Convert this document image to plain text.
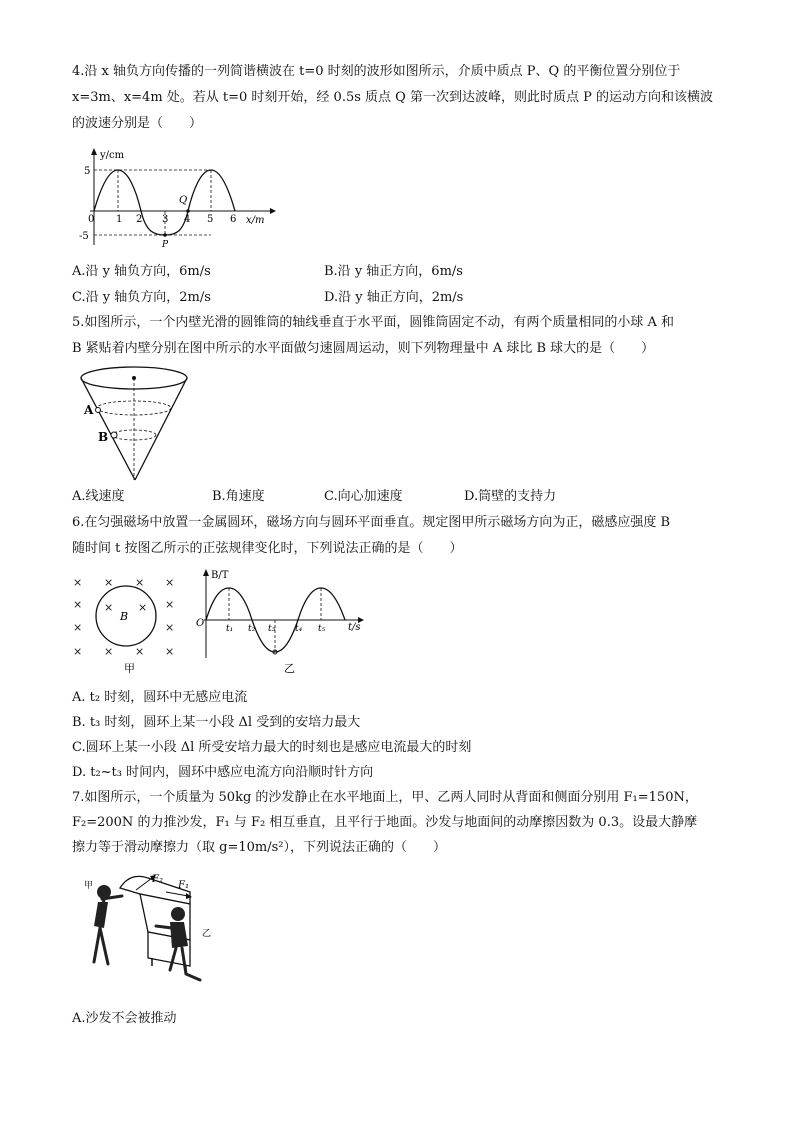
4.沿 x 轴负方向传播的一列简谐横波在 t=0 时刻的波形如图所示，介质中质点 P、Q 的平衡位置分别位于
x=3m、x=4m 处。若从 t=0 时刻开始，经 0.5s 质点 Q 第一次到达波峰，则此时质点 P 的运动方向和该横波
的波速分别是（　　）
y/cm
x/m
5
-5
0 1 2 3 4 5 6
Q
P
A.沿 y 轴负方向，6m/s	B.沿 y 轴正方向，6m/s
C.沿 y 轴负方向，2m/s	D.沿 y 轴正方向，2m/s
5.如图所示，一个内壁光滑的圆锥筒的轴线垂直于水平面，圆锥筒固定不动，有两个质量相同的小球 A 和
B 紧贴着内壁分别在图中所示的水平面做匀速圆周运动，则下列物理量中 A 球比 B 球大的是（　　）
A
B
A.线速度	B.角速度	C.向心加速度	D.筒壁的支持力
6.在匀强磁场中放置一金属圆环，磁场方向与圆环平面垂直。规定图甲所示磁场方向为正，磁感应强度 B
随时间 t 按图乙所示的正弦规律变化时，下列说法正确的是（　　）
× × × ×
×	×
×	×
× × × ×
× ×
B
甲
B/T
O	t/s
t₁ t₂ t₃ t₄ t₅
乙
A. t₂ 时刻，圆环中无感应电流
B. t₃ 时刻，圆环上某一小段 Δl 受到的安培力最大
C.圆环上某一小段 Δl 所受安培力最大的时刻也是感应电流最大的时刻
D. t₂~t₃ 时间内，圆环中感应电流方向沿顺时针方向
7.如图所示，一个质量为 50kg 的沙发静止在水平地面上，甲、乙两人同时从背面和侧面分别用 F₁=150N，
F₂=200N 的力推沙发，F₁ 与 F₂ 相互垂直，且平行于地面。沙发与地面间的动摩擦因数为 0.3。设最大静摩
擦力等于滑动摩擦力（取 g=10m/s²），下列说法正确的（　　）
F₂
F₁
甲
乙
A.沙发不会被推动
